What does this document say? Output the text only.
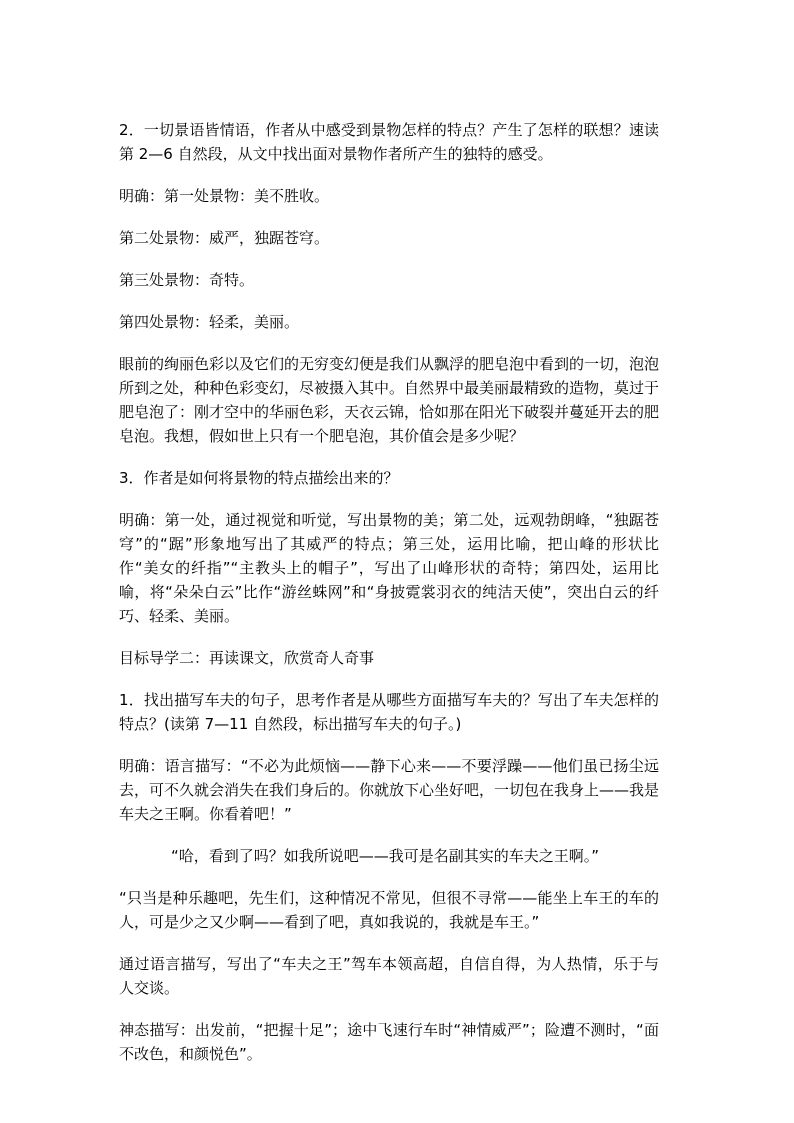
2．一切景语皆情语，作者从中感受到景物怎样的特点？产生了怎样的联想？速读第 2—6 自然段，从文中找出面对景物作者所产生的独特的感受。

明确：第一处景物：美不胜收。

第二处景物：威严，独踞苍穹。

第三处景物：奇特。

第四处景物：轻柔，美丽。

眼前的绚丽色彩以及它们的无穷变幻便是我们从飘浮的肥皂泡中看到的一切，泡泡所到之处，种种色彩变幻，尽被摄入其中。自然界中最美丽最精致的造物，莫过于肥皂泡了：刚才空中的华丽色彩，天衣云锦，恰如那在阳光下破裂并蔓延开去的肥皂泡。我想，假如世上只有一个肥皂泡，其价值会是多少呢？

3．作者是如何将景物的特点描绘出来的？

明确：第一处，通过视觉和听觉，写出景物的美；第二处，远观勃朗峰，“独踞苍穹”的“踞”形象地写出了其威严的特点；第三处，运用比喻，把山峰的形状比作“美女的纤指”“主教头上的帽子”，写出了山峰形状的奇特；第四处，运用比喻，将“朵朵白云”比作“游丝蛛网”和“身披霓裳羽衣的纯洁天使”，突出白云的纤巧、轻柔、美丽。

目标导学二：再读课文，欣赏奇人奇事

1．找出描写车夫的句子，思考作者是从哪些方面描写车夫的？写出了车夫怎样的特点？(读第 7—11 自然段，标出描写车夫的句子。)

明确：语言描写：“不必为此烦恼——静下心来——不要浮躁——他们虽已扬尘远去，可不久就会消失在我们身后的。你就放下心坐好吧，一切包在我身上——我是车夫之王啊。你看着吧！”

“哈，看到了吗？如我所说吧——我可是名副其实的车夫之王啊。”

“只当是种乐趣吧，先生们，这种情况不常见，但很不寻常——能坐上车王的车的人，可是少之又少啊——看到了吧，真如我说的，我就是车王。”

通过语言描写，写出了“车夫之王”驾车本领高超，自信自得，为人热情，乐于与人交谈。

神态描写：出发前，“把握十足”；途中飞速行车时“神情威严”；险遭不测时，“面不改色，和颜悦色”。
